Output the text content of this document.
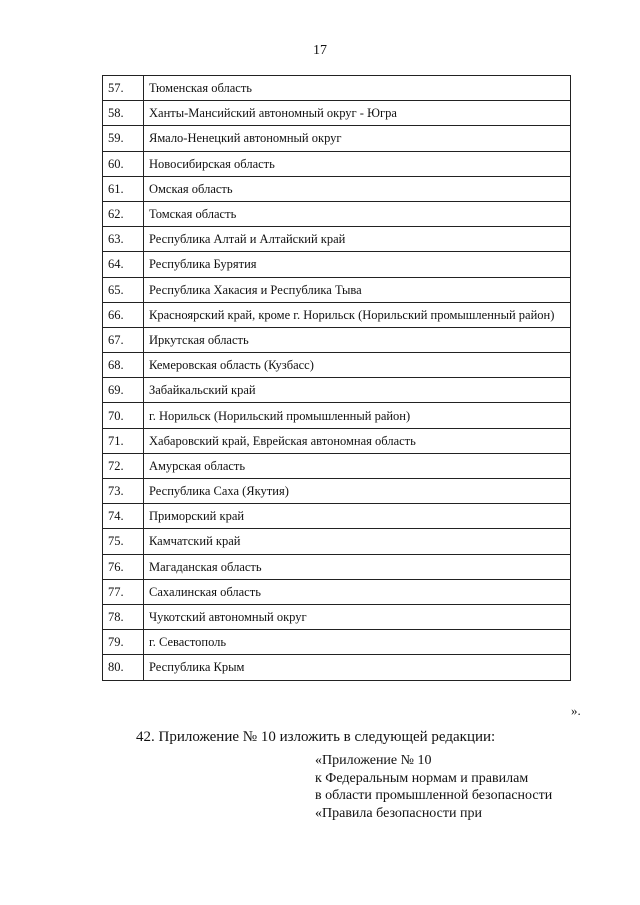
17
57.	Тюменская область
58.	Ханты-Мансийский автономный округ - Югра
59.	Ямало-Ненецкий автономный округ
60.	Новосибирская область
61.	Омская область
62.	Томская область
63.	Республика Алтай и Алтайский край
64.	Республика Бурятия
65.	Республика Хакасия и Республика Тыва
66.	Красноярский край, кроме г. Норильск (Норильский промышленный район)
67.	Иркутская область
68.	Кемеровская область (Кузбасс)
69.	Забайкальский край
70.	г. Норильск (Норильский промышленный район)
71.	Хабаровский край, Еврейская автономная область
72.	Амурская область
73.	Республика Саха (Якутия)
74.	Приморский край
75.	Камчатский край
76.	Магаданская область
77.	Сахалинская область
78.	Чукотский автономный округ
79.	г. Севастополь
80.	Республика Крым
».
42. Приложение № 10 изложить в следующей редакции:
«Приложение № 10
к Федеральным нормам и правилам
в области промышленной безопасности
«Правила безопасности при
